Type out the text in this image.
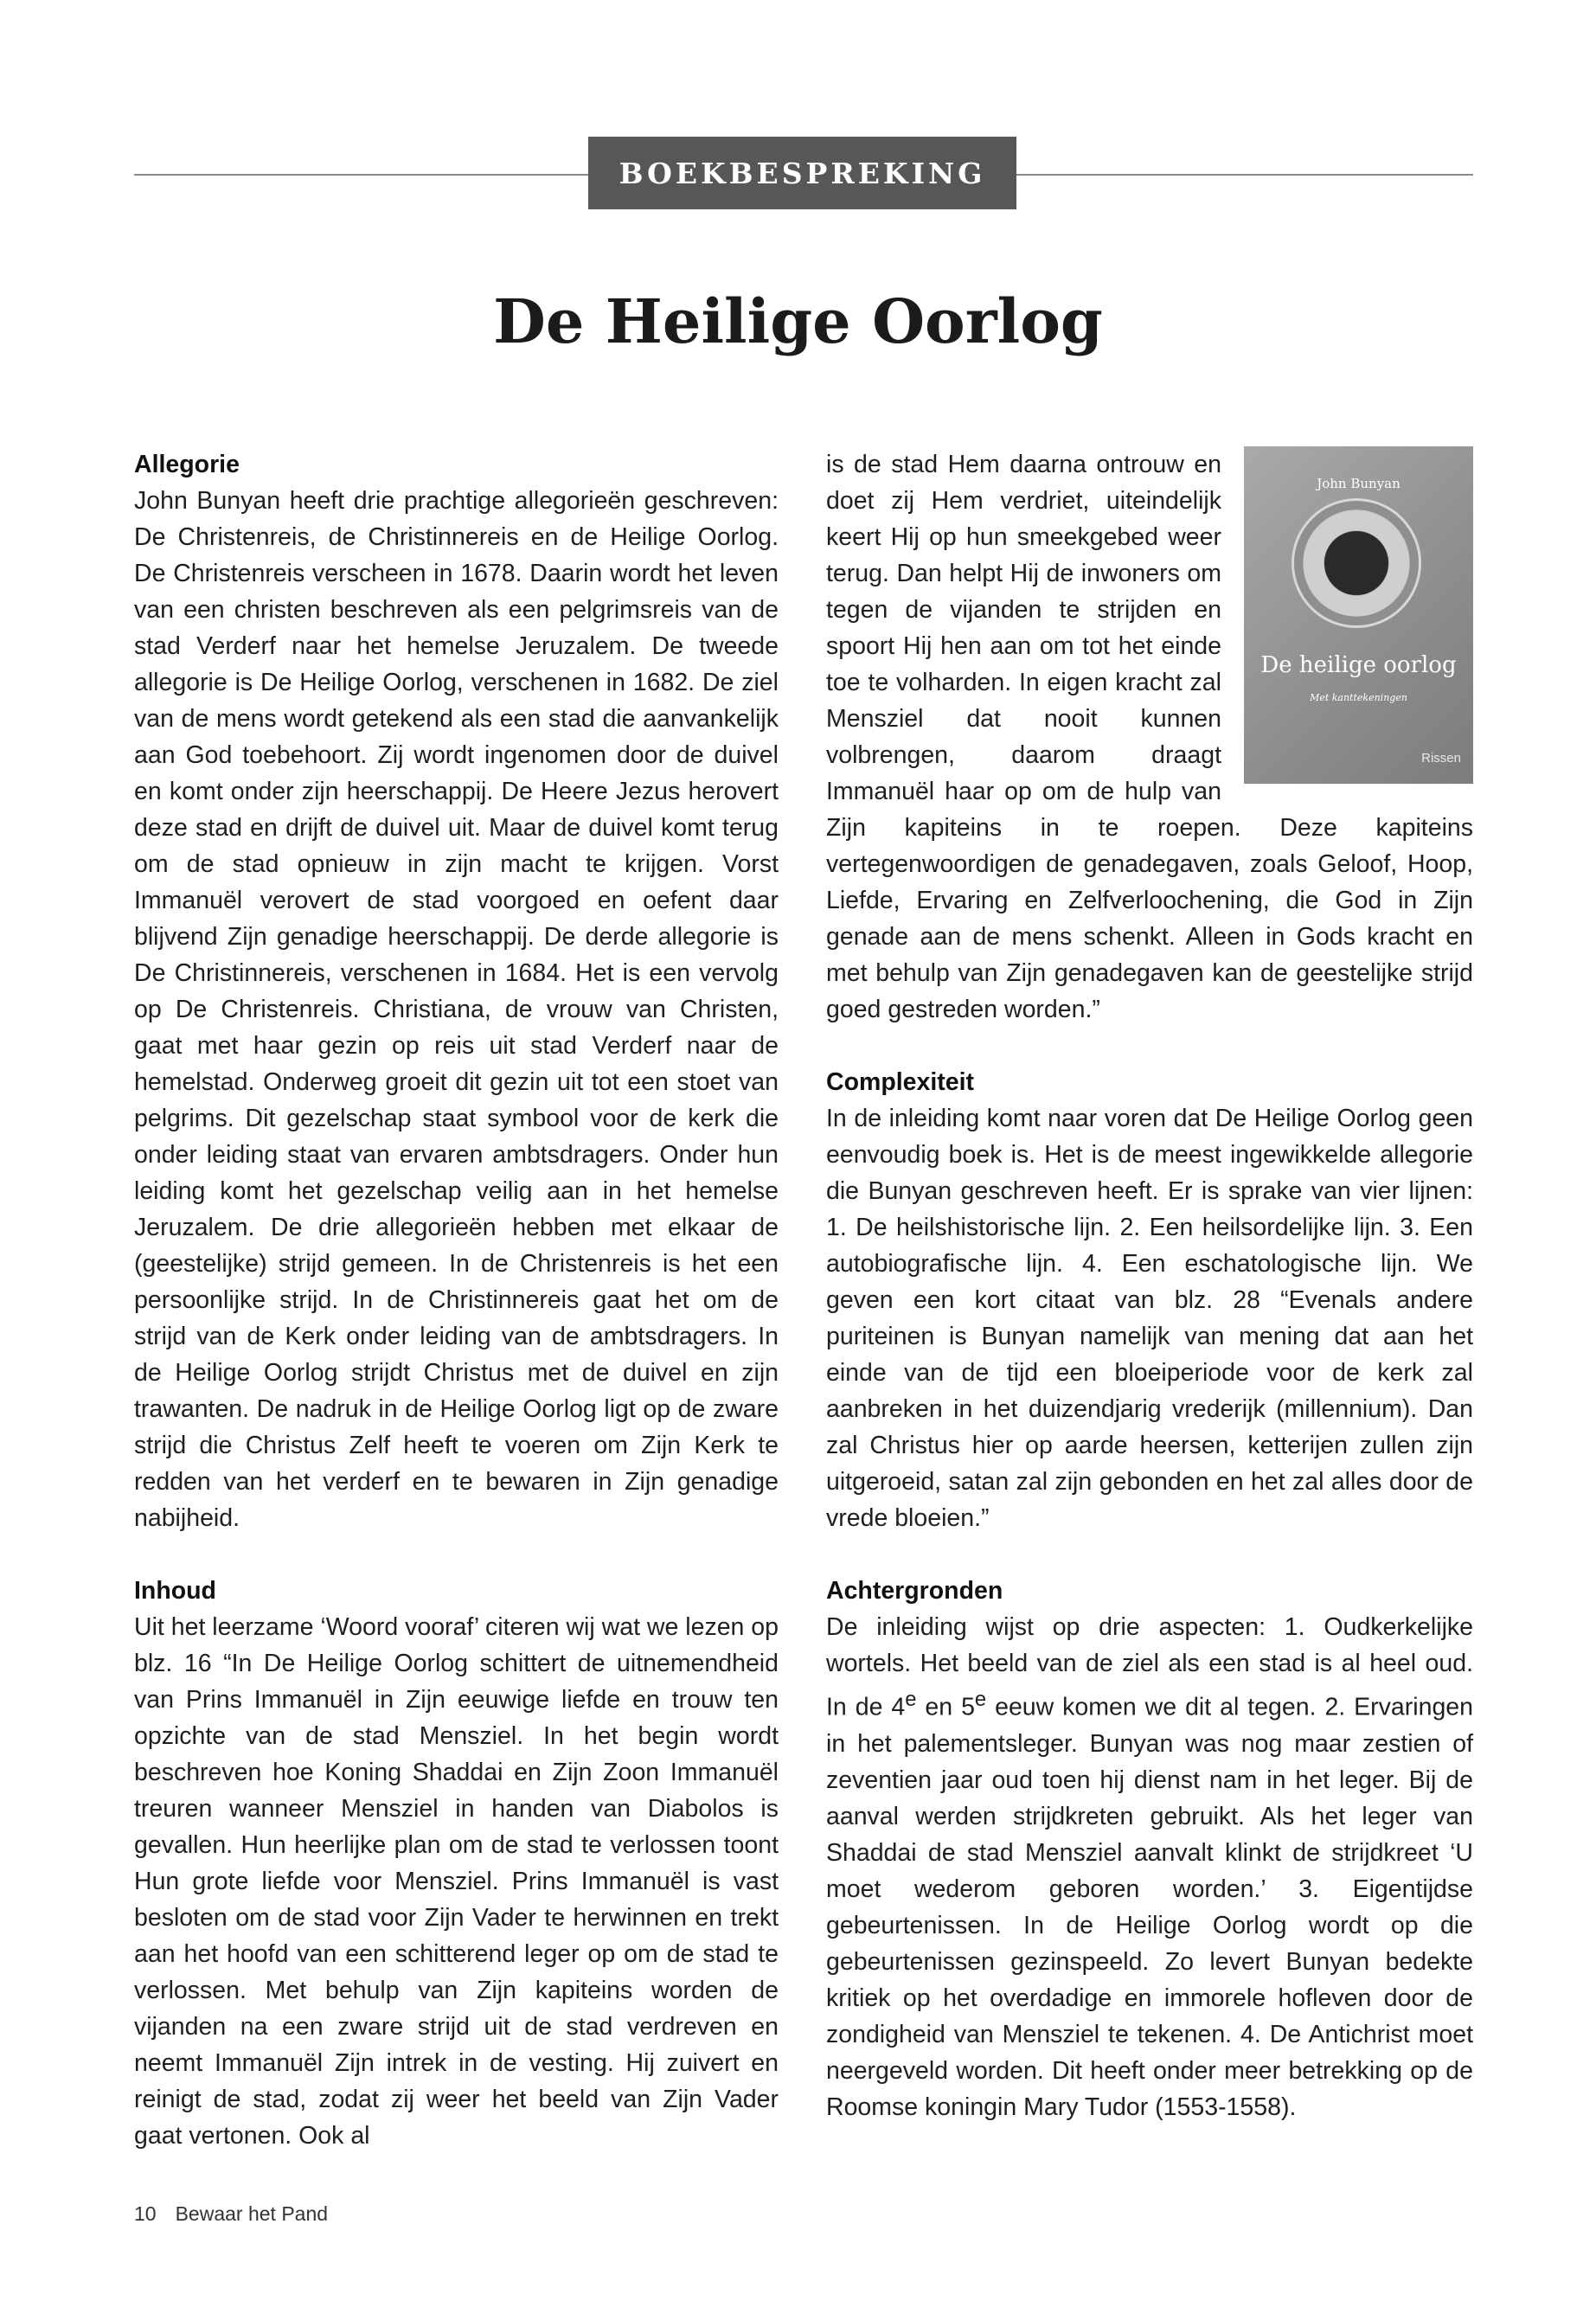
BOEKBESPREKING
De Heilige Oorlog
Allegorie

John Bunyan heeft drie prachtige allegorieën geschreven: De Christenreis, de Christinnereis en de Heilige Oorlog. De Christenreis verscheen in 1678. Daarin wordt het leven van een christen beschreven als een pelgrimsreis van de stad Verderf naar het hemelse Jeruzalem. De tweede allegorie is De Heilige Oorlog, verschenen in 1682. De ziel van de mens wordt getekend als een stad die aanvankelijk aan God toebehoort. Zij wordt ingenomen door de duivel en komt onder zijn heerschappij. De Heere Jezus herovert deze stad en drijft de duivel uit. Maar de duivel komt terug om de stad opnieuw in zijn macht te krijgen. Vorst Immanuël verovert de stad voorgoed en oefent daar blijvend Zijn genadige heerschappij. De derde allegorie is De Christinnereis, verschenen in 1684. Het is een vervolg op De Christenreis. Christiana, de vrouw van Christen, gaat met haar gezin op reis uit stad Verderf naar de hemelstad. Onderweg groeit dit gezin uit tot een stoet van pelgrims. Dit gezelschap staat symbool voor de kerk die onder leiding staat van ervaren ambtsdragers. Onder hun leiding komt het gezelschap veilig aan in het hemelse Jeruzalem. De drie allegorieën hebben met elkaar de (geestelijke) strijd gemeen. In de Christenreis is het een persoonlijke strijd. In de Christinnereis gaat het om de strijd van de Kerk onder leiding van de ambtsdragers. In de Heilige Oorlog strijdt Christus met de duivel en zijn trawanten. De nadruk in de Heilige Oorlog ligt op de zware strijd die Christus Zelf heeft te voeren om Zijn Kerk te redden van het verderf en te bewaren in Zijn genadige nabijheid.

Inhoud

Uit het leerzame ‘Woord vooraf’ citeren wij wat we lezen op blz. 16 “In De Heilige Oorlog schittert de uitnemendheid van Prins Immanuël in Zijn eeuwige liefde en trouw ten opzichte van de stad Mensziel. In het begin wordt beschreven hoe Koning Shaddai en Zijn Zoon Immanuël treuren wanneer Mensziel in handen van Diabolos is gevallen. Hun heerlijke plan om de stad te verlossen toont Hun grote liefde voor Mensziel. Prins Immanuël is vast besloten om de stad voor Zijn Vader te herwinnen en trekt aan het hoofd van een schitterend leger op om de stad te verlossen. Met behulp van Zijn kapiteins worden de vijanden na een zware strijd uit de stad verdreven en neemt Immanuël Zijn intrek in de vesting. Hij zuivert en reinigt de stad, zodat zij weer het beeld van Zijn Vader gaat vertonen. Ook al

John Bunyan
De heilige oorlog
Met kanttekeningen
Rissen

is de stad Hem daarna ontrouw en doet zij Hem verdriet, uiteindelijk keert Hij op hun smeekgebed weer terug. Dan helpt Hij de inwoners om tegen de vijanden te strijden en spoort Hij hen aan om tot het einde toe te volharden. In eigen kracht zal Mensziel dat nooit kunnen volbrengen, daarom draagt Immanuël haar op om de hulp van Zijn kapiteins in te roepen. Deze kapiteins vertegenwoordigen de genadegaven, zoals Geloof, Hoop, Liefde, Ervaring en Zelfverloochening, die God in Zijn genade aan de mens schenkt. Alleen in Gods kracht en met behulp van Zijn genadegaven kan de geestelijke strijd goed gestreden worden.”

Complexiteit

In de inleiding komt naar voren dat De Heilige Oorlog geen eenvoudig boek is. Het is de meest ingewikkelde allegorie die Bunyan geschreven heeft. Er is sprake van vier lijnen: 1. De heilshistorische lijn. 2. Een heilsordelijke lijn. 3. Een autobiografische lijn. 4. Een eschatologische lijn. We geven een kort citaat van blz. 28 “Evenals andere puriteinen is Bunyan namelijk van mening dat aan het einde van de tijd een bloeiperiode voor de kerk zal aanbreken in het duizendjarig vrederijk (millennium). Dan zal Christus hier op aarde heersen, ketterijen zullen zijn uitgeroeid, satan zal zijn gebonden en het zal alles door de vrede bloeien.”

Achtergronden

De inleiding wijst op drie aspecten: 1. Oudkerkelijke wortels. Het beeld van de ziel als een stad is al heel oud. In de 4e en 5e eeuw komen we dit al tegen. 2. Ervaringen in het palementsleger. Bunyan was nog maar zestien of zeventien jaar oud toen hij dienst nam in het leger. Bij de aanval werden strijdkreten gebruikt. Als het leger van Shaddai de stad Mensziel aanvalt klinkt de strijdkreet ‘U moet wederom geboren worden.’ 3. Eigentijdse gebeurtenissen. In de Heilige Oorlog wordt op die gebeurtenissen gezinspeeld. Zo levert Bunyan bedekte kritiek op het overdadige en immorele hofleven door de zondigheid van Mensziel te tekenen. 4. De Antichrist moet neergeveld worden. Dit heeft onder meer betrekking op de Roomse koningin Mary Tudor (1553-1558).

10 Bewaar het Pand
